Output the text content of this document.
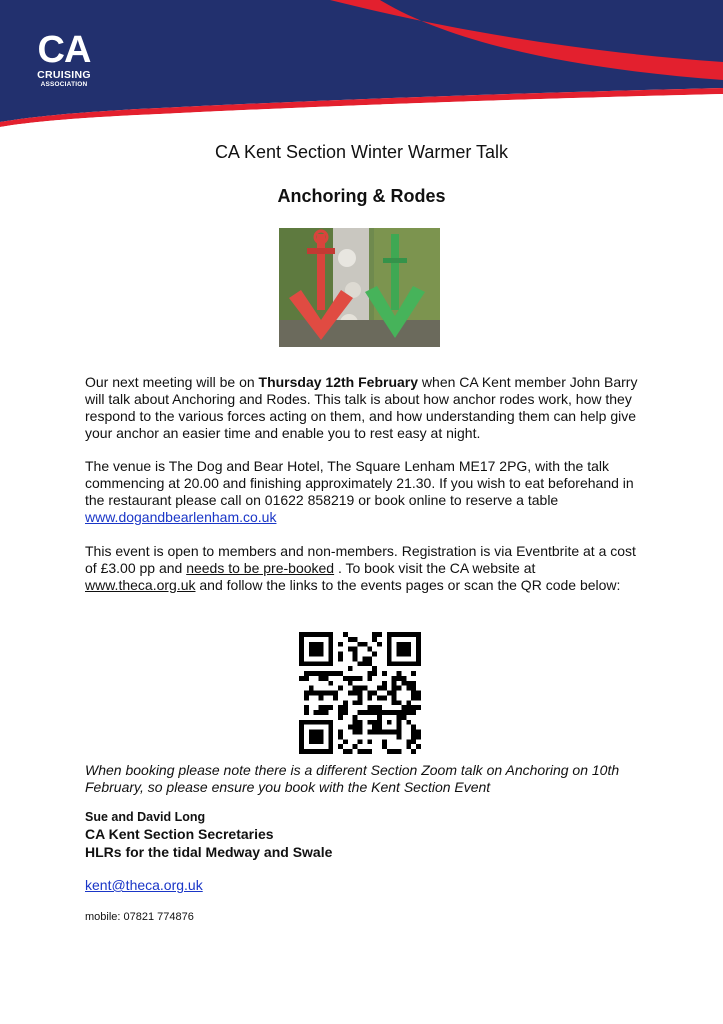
CA
CRUISING
ASSOCIATION
CA Kent Section Winter Warmer Talk
Anchoring & Rodes
Our next meeting will be on Thursday 12th February when CA Kent member John Barry will talk about Anchoring and Rodes. This talk is about how anchor rodes work, how they respond to the various forces acting on them, and how understanding them can help give your anchor an easier time and enable you to rest easy at night.
The venue is The Dog and Bear Hotel, The Square Lenham ME17 2PG, with the talk commencing at 20.00 and finishing approximately 21.30. If you wish to eat beforehand in the restaurant please call on 01622 858219 or book online to reserve a table www.dogandbearlenham.co.uk
This event is open to members and non-members. Registration is via Eventbrite at a cost of £3.00 pp and needs to be pre-booked . To book visit the CA website at www.theca.org.uk and follow the links to the events pages or scan the QR code below:
When booking please note there is a different Section Zoom talk on Anchoring on 10th February, so please ensure you book with the Kent Section Event
Sue and David Long
CA Kent Section Secretaries
HLRs for the tidal Medway and Swale
kent@theca.org.uk
mobile: 07821 774876
